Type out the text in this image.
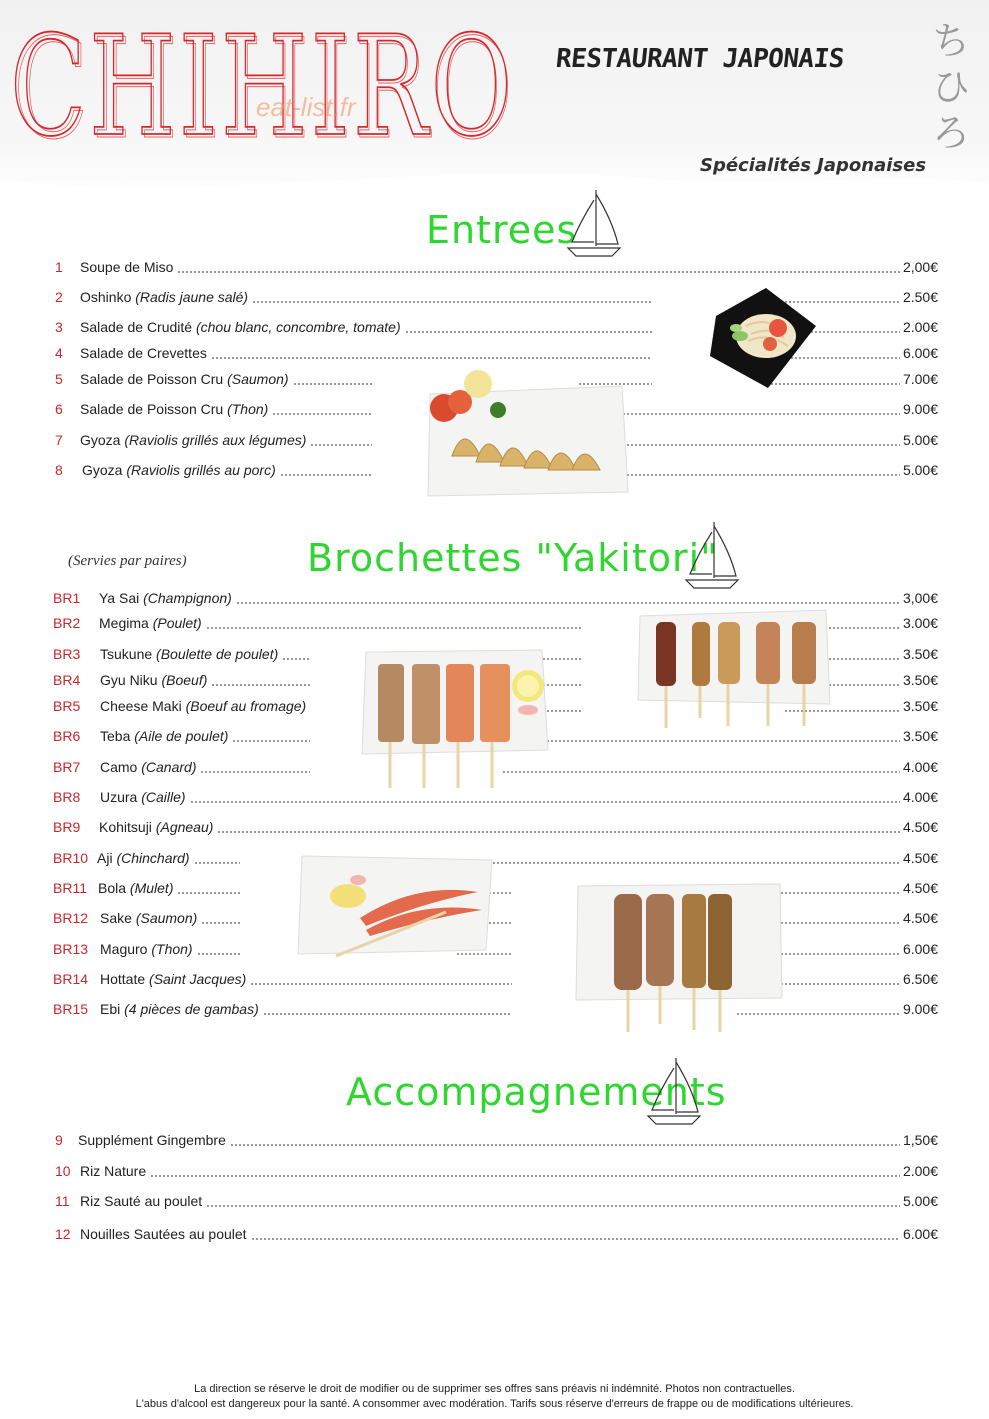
CHIHIRO
CHIHIRO
eat-list.fr
RESTAURANT JAPONAIS
Spécialités Japonaises
ち
ひ
ろ
Entrees
1	Soupe de Miso	2,00€
2	Oshinko (Radis jaune salé)	2.50€
3	Salade de Crudité (chou blanc, concombre, tomate)	2.00€
4	Salade de Crevettes	6.00€
5	Salade de Poisson Cru (Saumon)	7.00€
6	Salade de Poisson Cru (Thon)	9.00€
7	Gyoza (Raviolis grillés aux légumes)	5.00€
8	Gyoza (Raviolis grillés au porc)	5.00€
(Servies par paires)	Brochettes "Yakitori"
BR1	Ya Sai (Champignon)	3,00€
BR2	Megima (Poulet)	3.00€
BR3	Tsukune (Boulette de poulet)	3.50€
BR4	Gyu Niku (Boeuf)	3.50€
BR5	Cheese Maki (Boeuf au fromage)	3.50€
BR6	Teba (Aile de poulet)	3.50€
BR7	Camo (Canard)	4.00€
BR8	Uzura (Caille)	4.00€
BR9	Kohitsuji (Agneau)	4.50€
BR10 Aji (Chinchard)	4.50€
BR11 Bola (Mulet)	4.50€
BR12 Sake (Saumon)	4.50€
BR13 Maguro (Thon)	6.00€
BR14 Hottate (Saint Jacques)	6.50€
BR15 Ebi (4 pièces de gambas)	9.00€
Accompagnements
9	Supplément Gingembre	1,50€
10 Riz Nature	2.00€
11 Riz Sauté au poulet	5.00€
12 Nouilles Sautées au poulet	6.00€
La direction se réserve le droit de modifier ou de supprimer ses offres sans préavis ni indémnité. Photos non contractuelles.
L'abus d'alcool est dangereux pour la santé. A consommer avec modération. Tarifs sous réserve d'erreurs de frappe ou de modifications ultérieures.
